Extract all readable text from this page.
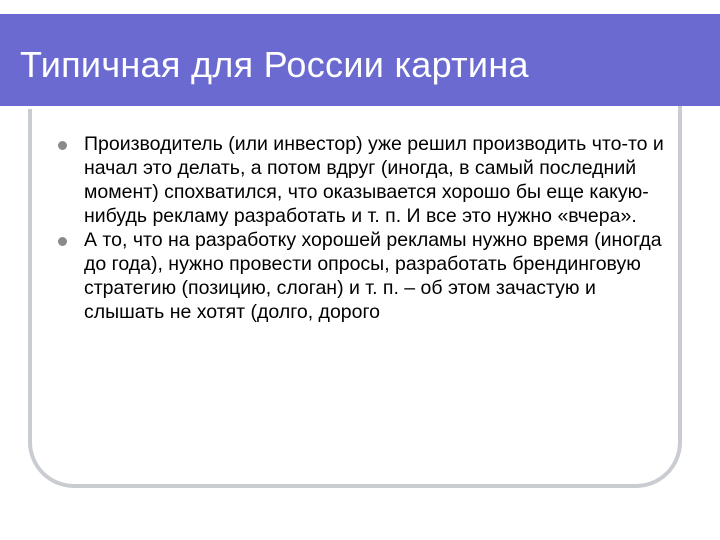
Типичная для России картина
Производитель (или инвестор) уже решил производить что-то и начал это делать, а потом вдруг (иногда, в самый последний момент) спохватился, что оказывается хорошо бы еще какую-нибудь рекламу разработать и т. п. И все это нужно «вчера».
А то, что на разработку хорошей рекламы нужно время (иногда до года), нужно провести опросы, разработать брендинговую стратегию (позицию, слоган) и т. п. – об этом зачастую и слышать не хотят (долго, дорого
